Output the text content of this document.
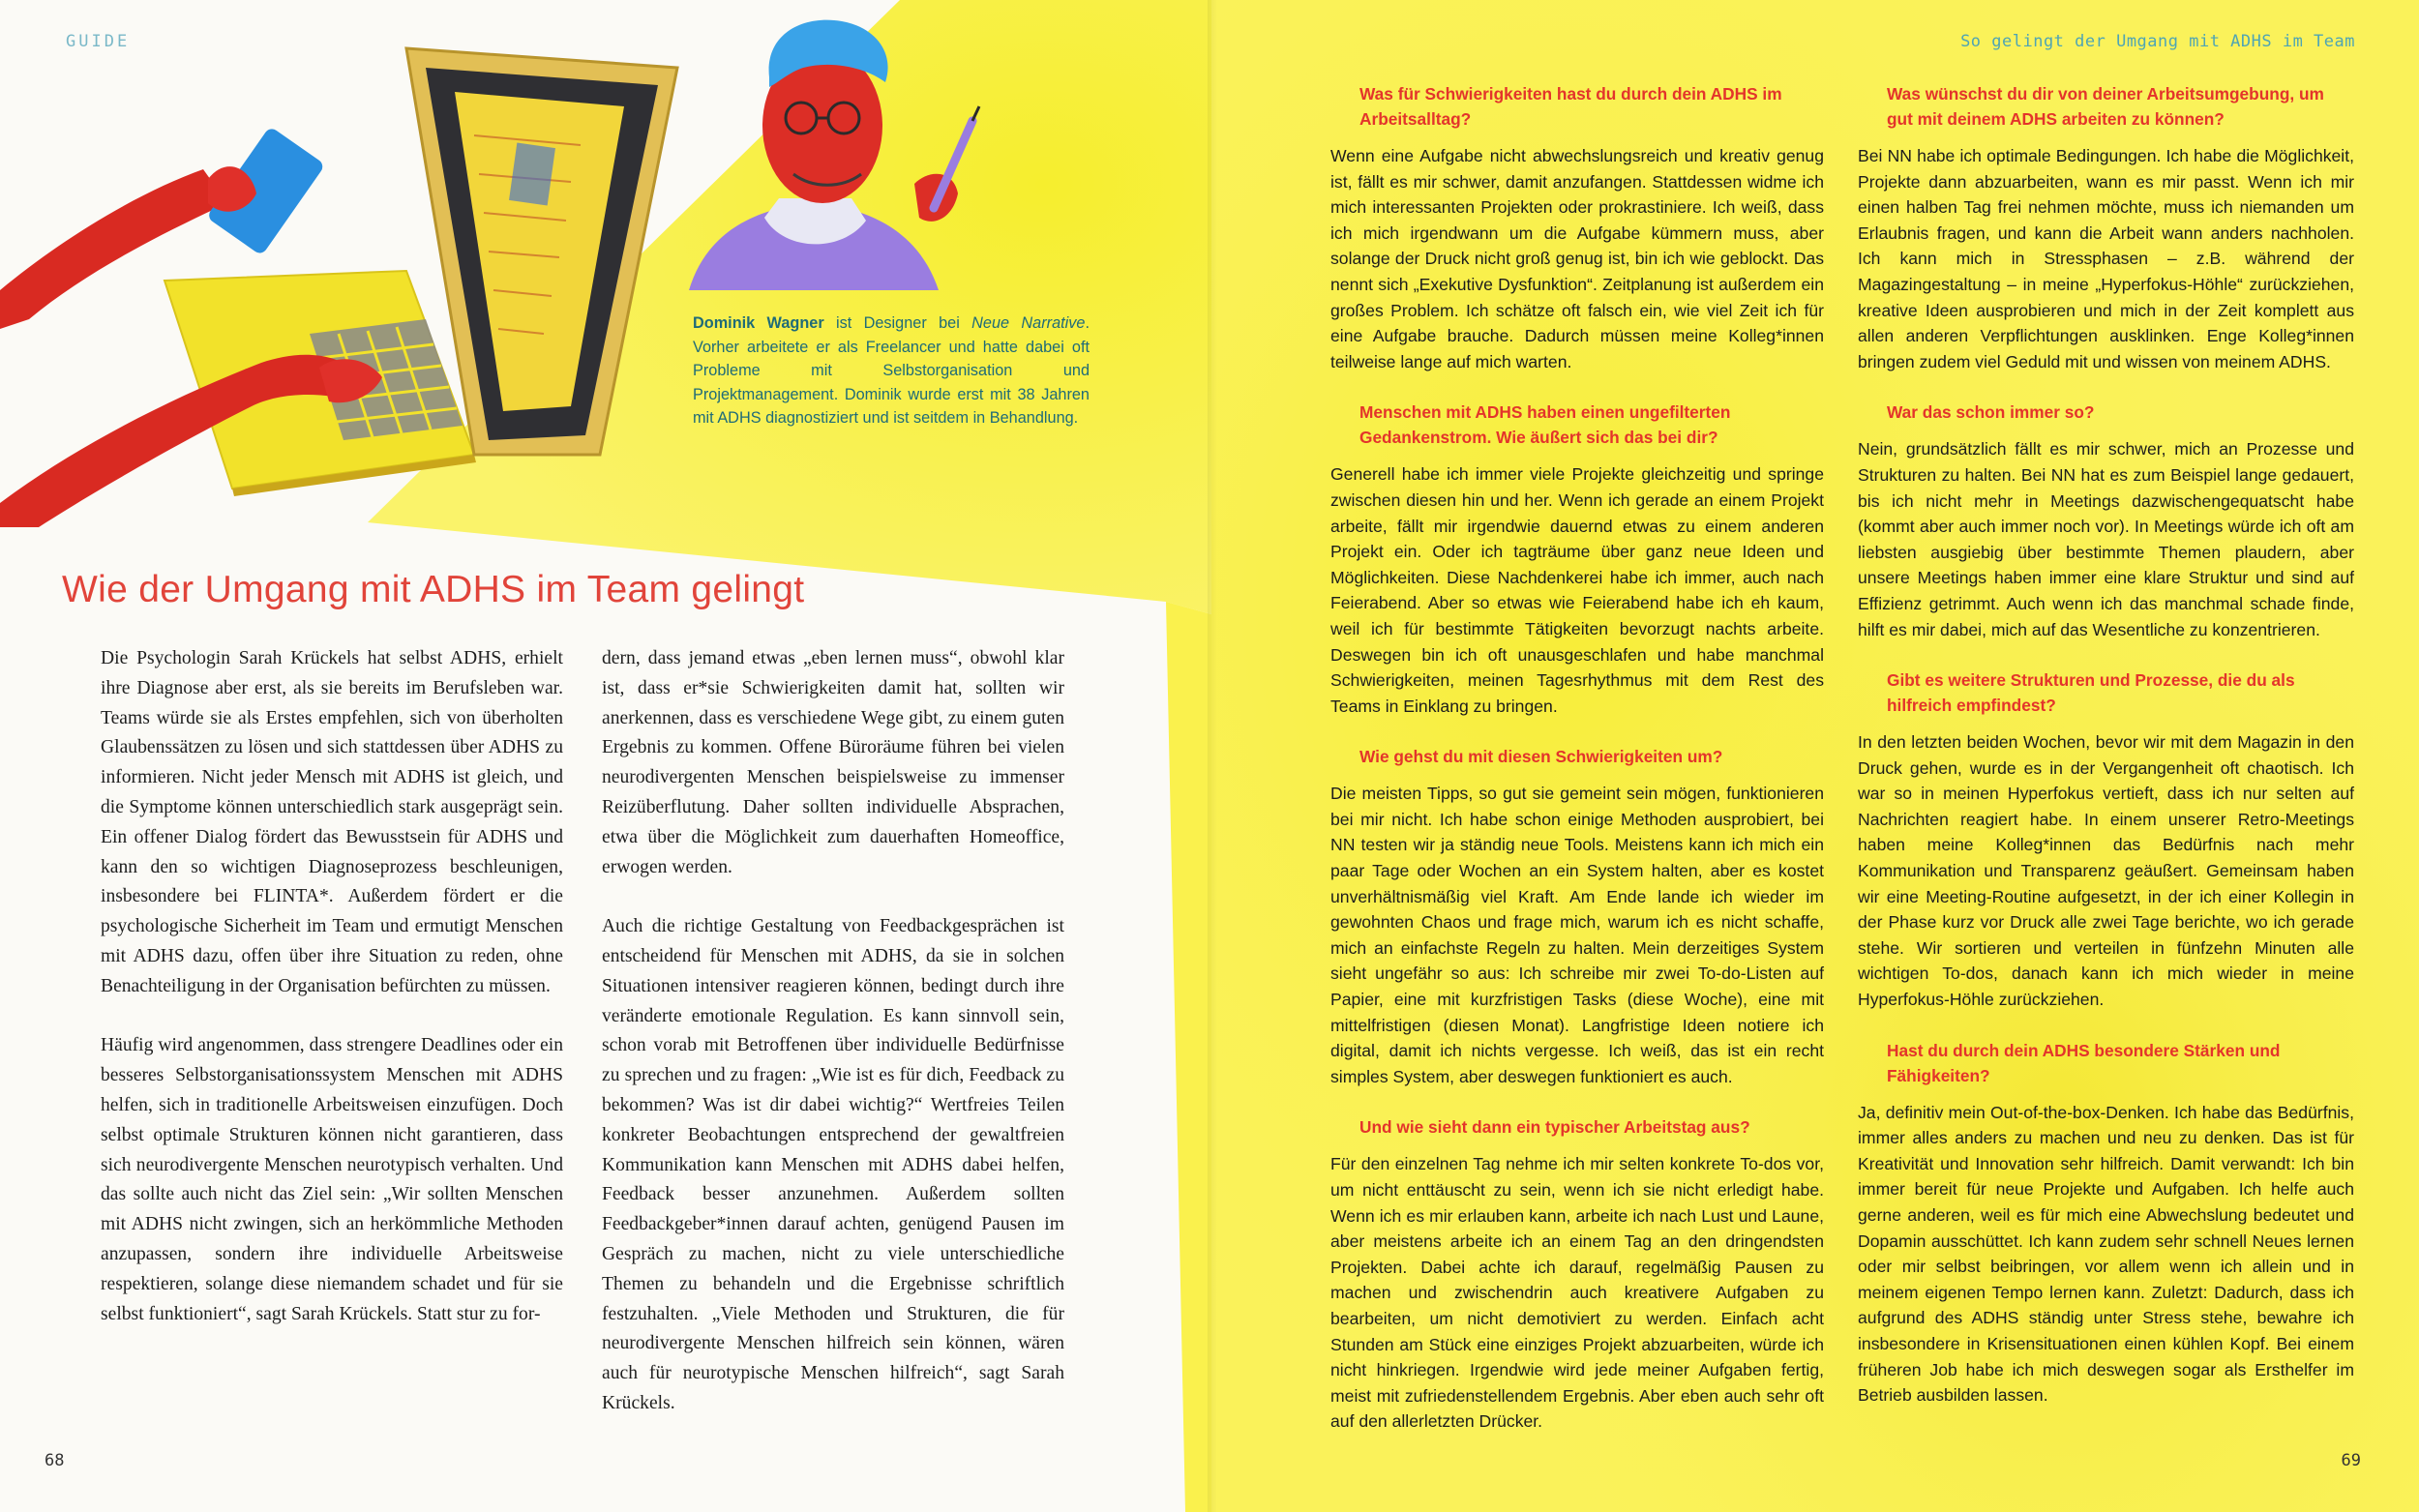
GUIDE
Dominik Wagner ist Designer bei Neue Narrative. Vorher arbeitete er als Freelancer und hatte dabei oft Probleme mit Selbstorganisation und Projektmanagement. Dominik wurde erst mit 38 Jahren mit ADHS diagnostiziert und ist seitdem in Behandlung.
Wie der Umgang mit ADHS im Team gelingt

Die Psychologin Sarah Krückels hat selbst ADHS, erhielt ihre Diagnose aber erst, als sie bereits im Berufsleben war. Teams würde sie als Erstes empfehlen, sich von überholten Glaubenssätzen zu lösen und sich stattdessen über ADHS zu informieren. Nicht jeder Mensch mit ADHS ist gleich, und die Symptome können unterschiedlich stark ausgeprägt sein. Ein offener Dialog fördert das Bewusstsein für ADHS und kann den so wichtigen Diagnoseprozess beschleunigen, insbesondere bei FLINTA*. Außerdem fördert er die psychologische Sicherheit im Team und ermutigt Menschen mit ADHS dazu, offen über ihre Situation zu reden, ohne Benachteiligung in der Organisation befürchten zu müssen.

Häufig wird angenommen, dass strengere Deadlines oder ein besseres Selbstorganisationssystem Menschen mit ADHS helfen, sich in traditionelle Arbeitsweisen einzufügen. Doch selbst optimale Strukturen können nicht garantieren, dass sich neurodivergente Menschen neurotypisch verhalten. Und das sollte auch nicht das Ziel sein: „Wir sollten Menschen mit ADHS nicht zwingen, sich an herkömmliche Methoden anzupassen, sondern ihre individuelle Arbeitsweise respektieren, solange diese niemandem schadet und für sie selbst funktioniert“, sagt Sarah Krückels. Statt stur zu for-

dern, dass jemand etwas „eben lernen muss“, obwohl klar ist, dass er*sie Schwierigkeiten damit hat, sollten wir anerkennen, dass es verschiedene Wege gibt, zu einem guten Ergebnis zu kommen. Offene Büroräume führen bei vielen neurodivergenten Menschen beispielsweise zu immenser Reizüberflutung. Daher sollten individuelle Absprachen, etwa über die Möglichkeit zum dauerhaften Homeoffice, erwogen werden.

Auch die richtige Gestaltung von Feedbackgesprächen ist entscheidend für Menschen mit ADHS, da sie in solchen Situationen intensiver reagieren können, bedingt durch ihre veränderte emotionale Regulation. Es kann sinnvoll sein, schon vorab mit Betroffenen über individuelle Bedürfnisse zu sprechen und zu fragen: „Wie ist es für dich, Feedback zu bekommen? Was ist dir dabei wichtig?“ Wertfreies Teilen konkreter Beobachtungen entsprechend der gewaltfreien Kommunikation kann Menschen mit ADHS dabei helfen, Feedback besser anzunehmen. Außerdem sollten Feedbackgeber*innen darauf achten, genügend Pausen im Gespräch zu machen, nicht zu viele unterschiedliche Themen zu behandeln und die Ergebnisse schriftlich festzuhalten. „Viele Methoden und Strukturen, die für neurodivergente Menschen hilfreich sein können, wären auch für neurotypische Menschen hilfreich“, sagt Sarah Krückels.

68
So gelingt der Umgang mit ADHS im Team
69
Was für Schwierigkeiten hast du durch dein ADHS im Arbeitsalltag?
Wenn eine Aufgabe nicht abwechslungsreich und kreativ genug ist, fällt es mir schwer, damit anzufangen. Stattdessen widme ich mich interessanten Projekten oder prokrastiniere. Ich weiß, dass ich mich irgendwann um die Aufgabe kümmern muss, aber solange der Druck nicht groß genug ist, bin ich wie geblockt. Das nennt sich „Exekutive Dysfunktion“. Zeitplanung ist außerdem ein großes Problem. Ich schätze oft falsch ein, wie viel Zeit ich für eine Aufgabe brauche. Dadurch müssen meine Kolleg*innen teilweise lange auf mich warten.
Menschen mit ADHS haben einen ungefilterten Gedankenstrom. Wie äußert sich das bei dir?
Generell habe ich immer viele Projekte gleichzeitig und springe zwischen diesen hin und her. Wenn ich gerade an einem Projekt arbeite, fällt mir irgendwie dauernd etwas zu einem anderen Projekt ein. Oder ich tagträume über ganz neue Ideen und Möglichkeiten. Diese Nachdenkerei habe ich immer, auch nach Feierabend. Aber so etwas wie Feierabend habe ich eh kaum, weil ich für bestimmte Tätigkeiten bevorzugt nachts arbeite. Deswegen bin ich oft unausgeschlafen und habe manchmal Schwierigkeiten, meinen Tagesrhythmus mit dem Rest des Teams in Einklang zu bringen.
Wie gehst du mit diesen Schwierigkeiten um?
Die meisten Tipps, so gut sie gemeint sein mögen, funktionieren bei mir nicht. Ich habe schon einige Methoden ausprobiert, bei NN testen wir ja ständig neue Tools. Meistens kann ich mich ein paar Tage oder Wochen an ein System halten, aber es kostet unverhältnismäßig viel Kraft. Am Ende lande ich wieder im gewohnten Chaos und frage mich, warum ich es nicht schaffe, mich an einfachste Regeln zu halten. Mein derzeitiges System sieht ungefähr so aus: Ich schreibe mir zwei To-do-Listen auf Papier, eine mit kurzfristigen Tasks (diese Woche), eine mit mittelfristigen (diesen Monat). Langfristige Ideen notiere ich digital, damit ich nichts vergesse. Ich weiß, das ist ein recht simples System, aber deswegen funktioniert es auch.
Und wie sieht dann ein typischer Arbeitstag aus?
Für den einzelnen Tag nehme ich mir selten konkrete To-dos vor, um nicht enttäuscht zu sein, wenn ich sie nicht erledigt habe. Wenn ich es mir erlauben kann, arbeite ich nach Lust und Laune, aber meistens arbeite ich an einem Tag an den dringendsten Projekten. Dabei achte ich darauf, regelmäßig Pausen zu machen und zwischendrin auch kreativere Aufgaben zu bearbeiten, um nicht demotiviert zu werden. Einfach acht Stunden am Stück eine einziges Projekt abzuarbeiten, würde ich nicht hinkriegen. Irgendwie wird jede meiner Aufgaben fertig, meist mit zufriedenstellendem Ergebnis. Aber eben auch sehr oft auf den allerletzten Drücker.
Was wünschst du dir von deiner Arbeitsumgebung, um gut mit deinem ADHS arbeiten zu können?
Bei NN habe ich optimale Bedingungen. Ich habe die Möglichkeit, Projekte dann abzuarbeiten, wann es mir passt. Wenn ich mir einen halben Tag frei nehmen möchte, muss ich niemanden um Erlaubnis fragen, und kann die Arbeit wann anders nachholen. Ich kann mich in Stressphasen – z.B. während der Magazingestaltung – in meine „Hyperfokus-Höhle“ zurückziehen, kreative Ideen ausprobieren und mich in der Zeit komplett aus allen anderen Verpflichtungen ausklinken. Enge Kolleg*innen bringen zudem viel Geduld mit und wissen von meinem ADHS.
War das schon immer so?
Nein, grundsätzlich fällt es mir schwer, mich an Prozesse und Strukturen zu halten. Bei NN hat es zum Beispiel lange gedauert, bis ich nicht mehr in Meetings dazwischengequatscht habe (kommt aber auch immer noch vor). In Meetings würde ich oft am liebsten ausgiebig über bestimmte Themen plaudern, aber unsere Meetings haben immer eine klare Struktur und sind auf Effizienz getrimmt. Auch wenn ich das manchmal schade finde, hilft es mir dabei, mich auf das Wesentliche zu konzentrieren.
Gibt es weitere Strukturen und Prozesse, die du als hilfreich empfindest?
In den letzten beiden Wochen, bevor wir mit dem Magazin in den Druck gehen, wurde es in der Vergangenheit oft chaotisch. Ich war so in meinen Hyperfokus vertieft, dass ich nur selten auf Nachrichten reagiert habe. In einem unserer Retro-Meetings haben meine Kolleg*innen das Bedürfnis nach mehr Kommunikation und Transparenz geäußert. Gemeinsam haben wir eine Meeting-Routine aufgesetzt, in der ich einer Kollegin in der Phase kurz vor Druck alle zwei Tage berichte, wo ich gerade stehe. Wir sortieren und verteilen in fünfzehn Minuten alle wichtigen To-dos, danach kann ich mich wieder in meine Hyperfokus-Höhle zurückziehen.
Hast du durch dein ADHS besondere Stärken und Fähigkeiten?
Ja, definitiv mein Out-of-the-box-Denken. Ich habe das Bedürfnis, immer alles anders zu machen und neu zu denken. Das ist für Kreativität und Innovation sehr hilfreich. Damit verwandt: Ich bin immer bereit für neue Projekte und Aufgaben. Ich helfe auch gerne anderen, weil es für mich eine Abwechslung bedeutet und Dopamin ausschüttet. Ich kann zudem sehr schnell Neues lernen oder mir selbst beibringen, vor allem wenn ich allein und in meinem eigenen Tempo lernen kann. Zuletzt: Dadurch, dass ich aufgrund des ADHS ständig unter Stress stehe, bewahre ich insbesondere in Krisensituationen einen kühlen Kopf. Bei einem früheren Job habe ich mich deswegen sogar als Ersthelfer im Betrieb ausbilden lassen.
